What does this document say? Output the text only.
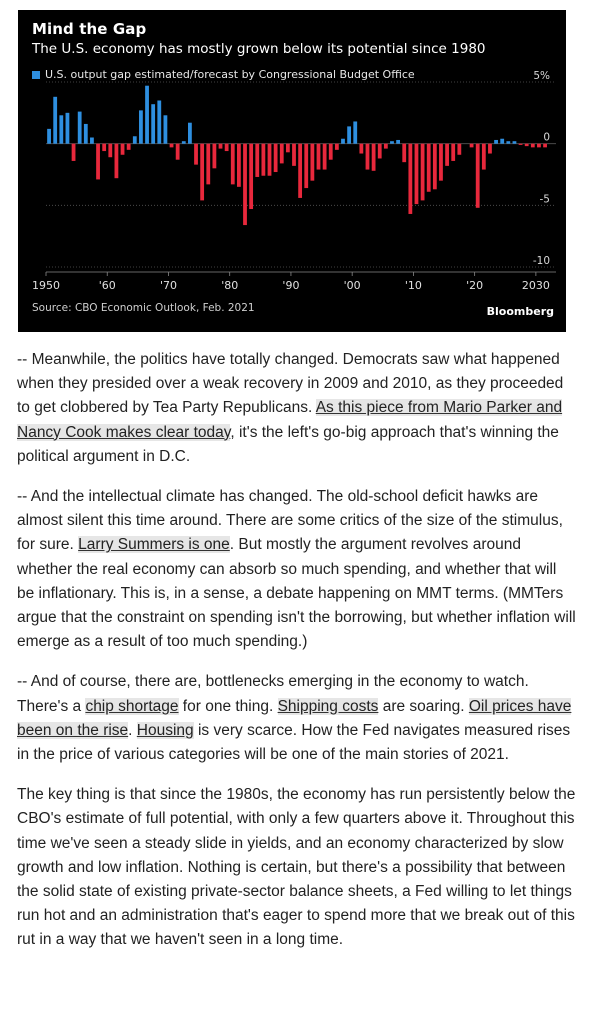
5%
0
-5
-10
1950	'60	'70	'80	'90	'00	'10	'20	2030
Mind the Gap
The U.S. economy has mostly grown below its potential since 1980
U.S. output gap estimated/forecast by Congressional Budget Office
Source: CBO Economic Outlook, Feb. 2021	Bloomberg

-- Meanwhile, the politics have totally changed. Democrats saw what happened when they presided over a weak recovery in 2009 and 2010, as they proceeded to get clobbered by Tea Party Republicans. As this piece from Mario Parker and Nancy Cook makes clear today, it's the left's go-big approach that's winning the political argument in D.C.

-- And the intellectual climate has changed. The old-school deficit hawks are almost silent this time around. There are some critics of the size of the stimulus, for sure. Larry Summers is one. But mostly the argument revolves around whether the real economy can absorb so much spending, and whether that will be inflationary. This is, in a sense, a debate happening on MMT terms. (MMTers argue that the constraint on spending isn't the borrowing, but whether inflation will emerge as a result of too much spending.)

-- And of course, there are, bottlenecks emerging in the economy to watch. There's a chip shortage for one thing. Shipping costs are soaring. Oil prices have been on the rise. Housing is very scarce. How the Fed navigates measured rises in the price of various categories will be one of the main stories of 2021.

The key thing is that since the 1980s, the economy has run persistently below the CBO's estimate of full potential, with only a few quarters above it. Throughout this time we've seen a steady slide in yields, and an economy characterized by slow growth and low inflation. Nothing is certain, but there's a possibility that between the solid state of existing private-sector balance sheets, a Fed willing to let things run hot and an administration that's eager to spend more that we break out of this rut in a way that we haven't seen in a long time.
